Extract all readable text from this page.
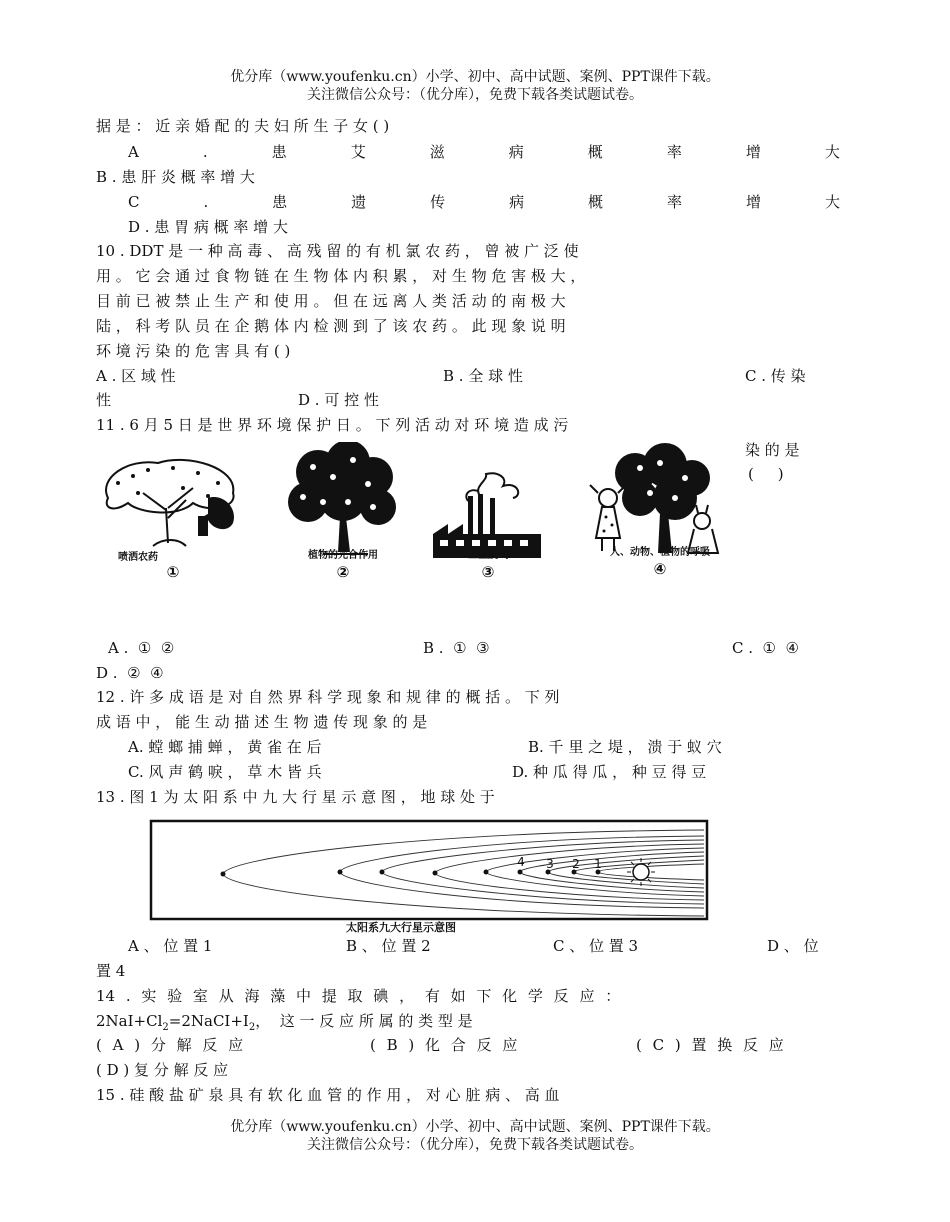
优分库（www.youfenku.cn）小学、初中、高中试题、案例、PPT课件下载。
关注微信公众号：（优分库），免费下载各类试题试卷。
据 是 ： 近 亲 婚 配 的 夫 妇 所 生 子 女 ( )
A	.	患	艾	滋	病	概	率	增	大
B . 患 肝 炎 概 率 增 大
C	.	患	遗	传	病	概	率	增	大
D . 患 胃 病 概 率 增 大
10 . DDT 是 一 种 高 毒 、 高 残 留 的 有 机 氯 农 药 ， 曾 被 广 泛 使
用 。 它 会 通 过 食 物 链 在 生 物 体 内 积 累 ， 对 生 物 危 害 极 大 ，
目 前 已 被 禁 止 生 产 和 使 用 。 但 在 远 离 人 类 活 动 的 南 极 大
陆 ， 科 考 队 员 在 企 鹅 体 内 检 测 到 了 该 农 药 。 此 现 象 说 明
环 境 污 染 的 危 害 具 有 ( )
A . 区 域 性	B . 全 球 性	C . 传 染
性	D . 可 控 性
11 . 6 月 5 日 是 世 界 环 境 保 护 日 。 下 列 活 动 对 环 境 造 成 污
染 的 是
(     )
喷洒农药
①
植物的光合作用
②
工业废气
③
人、动物、植物的呼吸
④
A .  ①  ②	B .  ①  ③	C .  ①  ④
D .  ②  ④
12 . 许 多 成 语 是 对 自 然 界 科 学 现 象 和 规 律 的 概 括 。 下 列
成 语 中 ， 能 生 动 描 述 生 物 遗 传 现 象 的 是
A. 螳 螂 捕 蝉 ， 黄 雀 在 后	B. 千 里 之 堤 ， 溃 于 蚁 穴
C. 风 声 鹤 唳 ， 草 木 皆 兵	D. 种 瓜 得 瓜 ， 种 豆 得 豆
13 . 图 1 为 太 阳 系 中 九 大 行 星 示 意 图 ， 地 球 处 于
4 3 2 1
太阳系九大行星示意图
A 、 位 置 1	B 、 位 置 2	C 、 位 置 3	D 、 位
置 4
14 . 实 验 室 从 海 藻 中 提 取 碘 ， 有 如 下 化 学 反 应 ：
$2NaI+Cl_2=2NaCI+I_2$，  这 一 反 应 所 属 的 类 型 是
( A ) 分 解 反 应	( B ) 化 合 反 应	( C ) 置 换 反 应
( D ) 复 分 解 反 应
15 . 硅 酸 盐 矿 泉 具 有 软 化 血 管 的 作 用 ， 对 心 脏 病 、 高 血
优分库（www.youfenku.cn）小学、初中、高中试题、案例、PPT课件下载。
关注微信公众号：（优分库），免费下载各类试题试卷。
